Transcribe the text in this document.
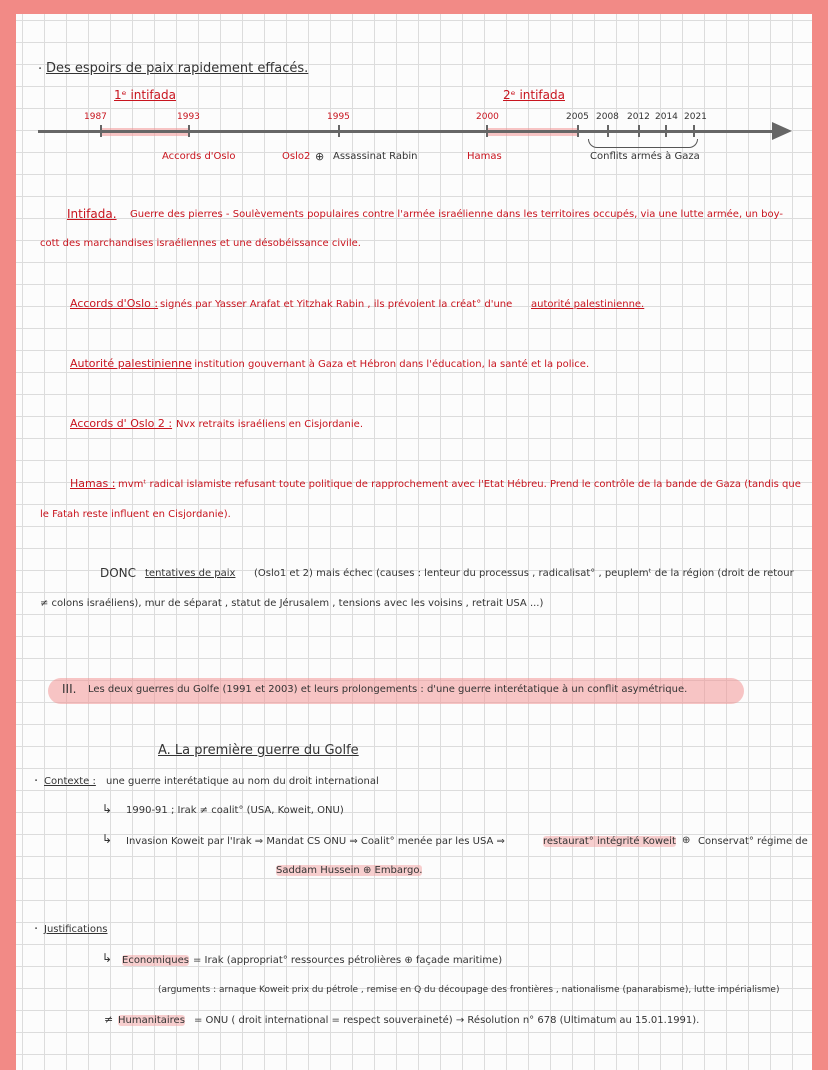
· Des espoirs de paix rapidement effacés.
1ᵉ intifada	2ᵉ intifada
1987	1993	1995	2000	2005 2008 2012 2014 2021
Accords d'Oslo	Oslo2 ⊕ Assassinat Rabin	Hamas	Conflits armés à Gaza
Intifada. Guerre des pierres - Soulèvements populaires contre l'armée israélienne dans les territoires occupés, via une lutte armée, un boy-
cott des marchandises israéliennes et une désobéissance civile.
Accords d'Oslo : signés par Yasser Arafat et Yitzhak Rabin , ils prévoient la créat° d'une autorité palestinienne.
Autorité palestinienne
. institution gouvernant à Gaza et Hébron dans l'éducation, la santé et la police.
Accords d' Oslo 2 : Nvx retraits israéliens en Cisjordanie.
Hamas : mvmᵗ radical islamiste refusant toute politique de rapprochement avec l'Etat Hébreu. Prend le contrôle de la bande de Gaza (tandis que
le Fatah reste influent en Cisjordanie).
DONC tentatives de paix (Oslo1 et 2) mais échec (causes : lenteur du processus , radicalisat° , peuplemᵗ de la région (droit de retour
≠ colons israéliens), mur de séparat , statut de Jérusalem , tensions avec les voisins , retrait USA ...)
III. Les deux guerres du Golfe (1991 et 2003) et leurs prolongements : d'une guerre interétatique à un conflit asymétrique.
A. La première guerre du Golfe
· Contexte : une guerre interétatique au nom du droit international
↳ 1990-91 ; Irak ≠ coalit° (USA, Koweit, ONU)
↳ Invasion Koweit par l'Irak ⇒ Mandat CS ONU ⇒ Coalit° menée par les USA ⇒	restaurat° intégrité Koweit ⊕ Conservat° régime de
Saddam Hussein ⊕ Embargo.
· Justifications
↳ Economiques = Irak (appropriat° ressources pétrolières ⊕ façade maritime)
(arguments : arnaque Koweit prix du pétrole , remise en Q du découpage des frontières , nationalisme (panarabisme), lutte impérialisme)
≠ Humanitaires = ONU ( droit international = respect souveraineté) → Résolution n° 678 (Ultimatum au 15.01.1991).
